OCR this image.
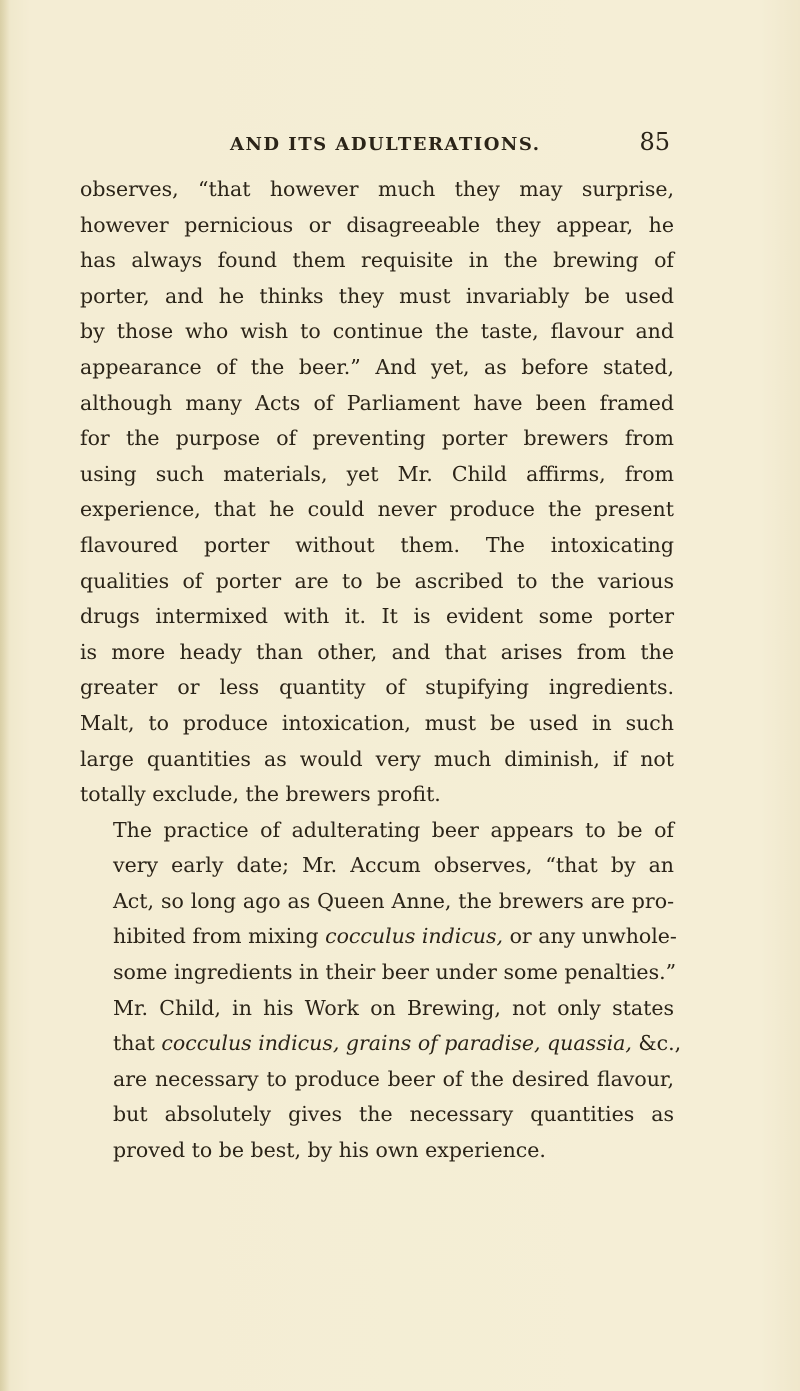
AND ITS ADULTERATIONS.	85

observes, “that however much they may surprise,
however pernicious or disagreeable they appear, he
has always found them requisite in the brewing of
porter, and he thinks they must invariably be used
by those who wish to continue the taste, flavour and
appearance of the beer.” And yet, as before stated,
although many Acts of Parliament have been framed
for the purpose of preventing porter brewers from
using such materials, yet Mr. Child affirms, from
experience, that he could never produce the present
flavoured porter without them. The intoxicating
qualities of porter are to be ascribed to the various
drugs intermixed with it. It is evident some porter
is more heady than other, and that arises from the
greater or less quantity of stupifying ingredients.
Malt, to produce intoxication, must be used in such
large quantities as would very much diminish, if not
totally exclude, the brewers profit.

The practice of adulterating beer appears to be of
very early date; Mr. Accum observes, “that by an
Act, so long ago as Queen Anne, the brewers are pro-
hibited from mixing cocculus indicus, or any unwhole-
some ingredients in their beer under some penalties.”

Mr. Child, in his Work on Brewing, not only states
that cocculus indicus, grains of paradise, quassia, &c.,
are necessary to produce beer of the desired flavour,
but absolutely gives the necessary quantities as
proved to be best, by his own experience.
